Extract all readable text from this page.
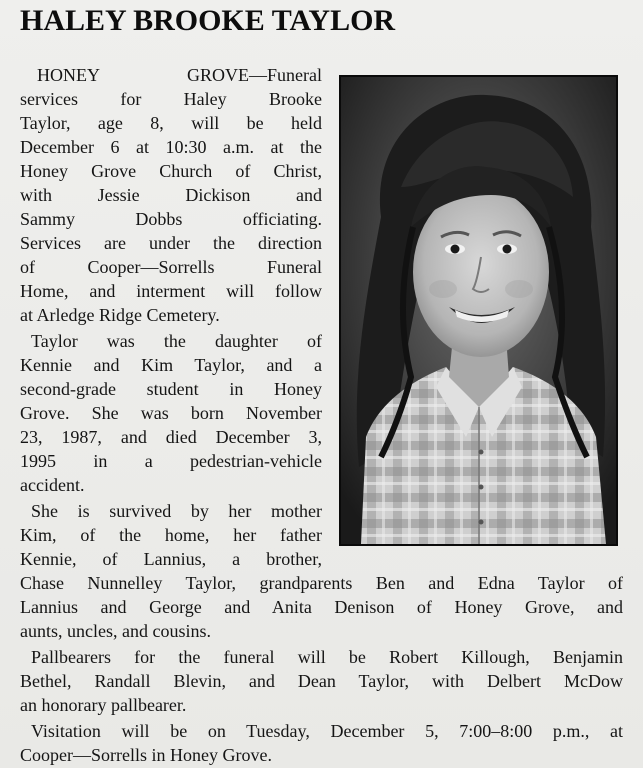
HALEY BROOKE TAYLOR
HONEY GROVE—Funeral
services for Haley Brooke
Taylor, age 8, will be held
December 6 at 10:30 a.m. at the
Honey Grove Church of Christ,
with Jessie Dickison and
Sammy Dobbs officiating.
Services are under the direction
of Cooper—Sorrells Funeral
Home, and interment will follow
at Arledge Ridge Cemetery.
Taylor was the daughter of
Kennie and Kim Taylor, and a
second-grade student in Honey
Grove. She was born November
23, 1987, and died December 3,
1995 in a pedestrian-vehicle
accident.
She is survived by her mother
Kim, of the home, her father
Kennie, of Lannius, a brother,
Chase Nunnelley Taylor, grandparents Ben and Edna Taylor of
Lannius and George and Anita Denison of Honey Grove, and
aunts, uncles, and cousins.
Pallbearers for the funeral will be Robert Killough, Benjamin
Bethel, Randall Blevin, and Dean Taylor, with Delbert McDow
an honorary pallbearer.
Visitation will be on Tuesday, December 5, 7:00–8:00 p.m., at
Cooper—Sorrells in Honey Grove.
